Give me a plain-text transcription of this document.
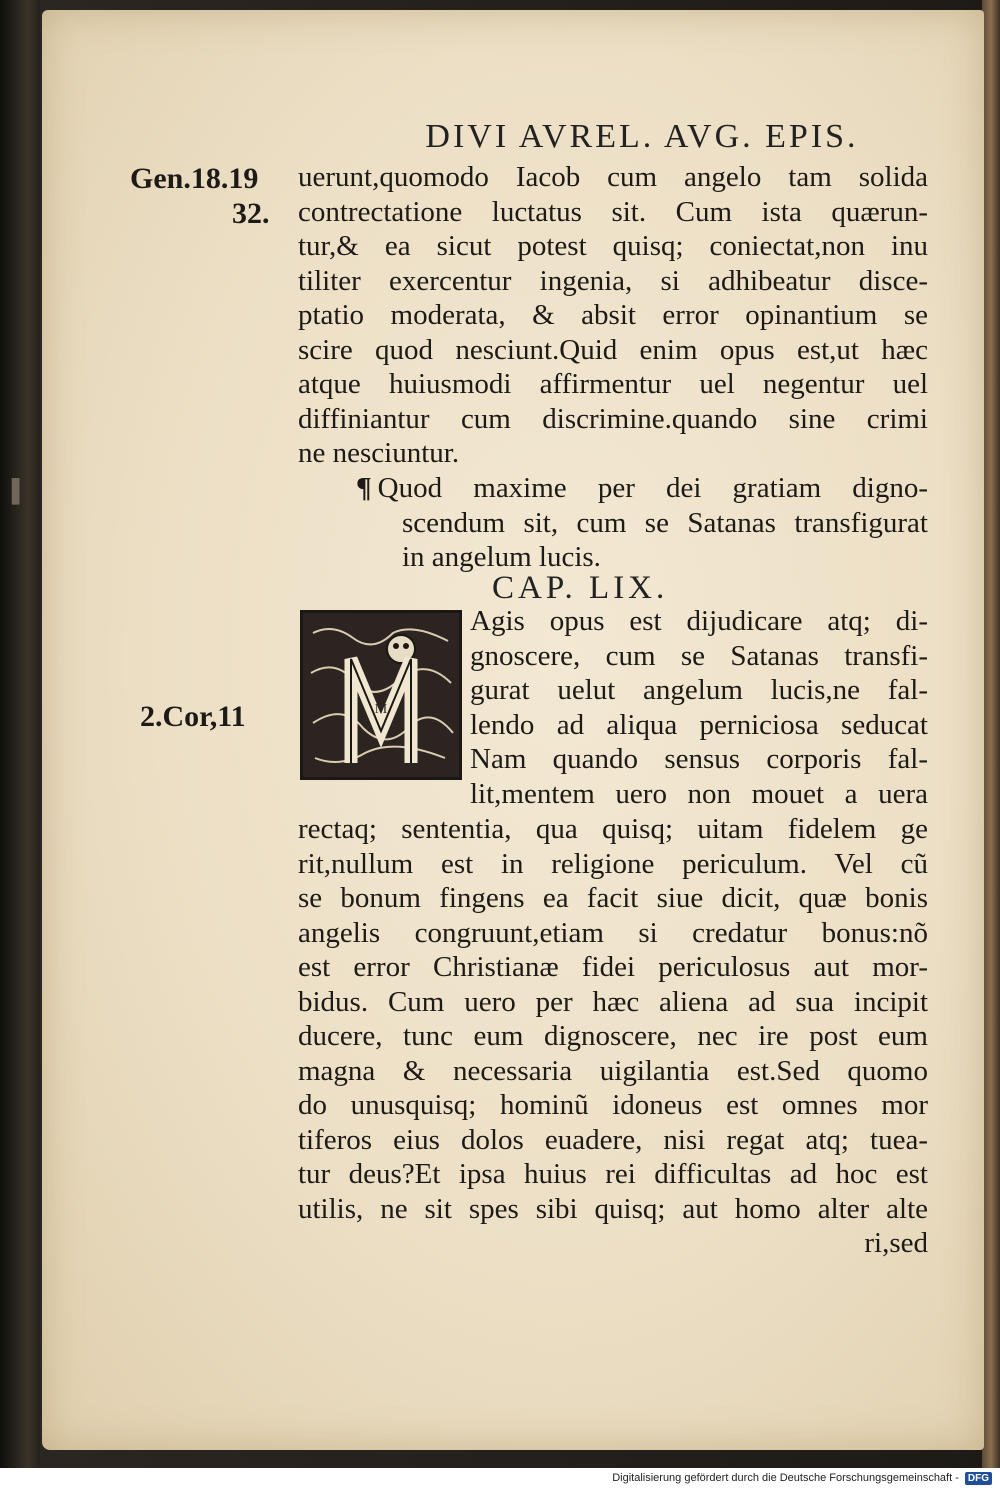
▐
DIVI AVREL. AVG. EPIS.
Gen.18.19
32.
2.Cor,11
uerunt,quomodo Iacob cum angelo tam solida
contrectatione luctatus sit. Cum ista quærun-
tur,& ea sicut potest quisq; coniectat,non inu
tiliter exercentur ingenia, si adhibeatur disce-
ptatio moderata, & absit error opinantium se
scire quod nesciunt.Quid enim opus est,ut hæc
atque huiusmodi affirmentur uel negentur uel
diffiniantur cum discrimine.quando sine crimi
ne nesciuntur.
¶ Quod maxime per dei gratiam digno-
scendum sit, cum se Satanas transfigurat
in angelum lucis.
CAP. LIX.
M
Agis opus est dijudicare atq; di-
gnoscere, cum se Satanas transfi-
gurat uelut angelum lucis,ne fal-
lendo ad aliqua perniciosa seducat
Nam quando sensus corporis fal-
lit,mentem uero non mouet a uera
rectaq; sententia, qua quisq; uitam fidelem ge
rit,nullum est in religione periculum. Vel cũ
se bonum fingens ea facit siue dicit, quæ bonis
angelis congruunt,etiam si credatur bonus:nõ
est error Christianæ fidei periculosus aut mor-
bidus. Cum uero per hæc aliena ad sua incipit
ducere, tunc eum dignoscere, nec ire post eum
magna & necessaria uigilantia est.Sed quomo
do unusquisq; hominũ idoneus est omnes mor
tiferos eius dolos euadere, nisi regat atq; tuea-
tur deus?Et ipsa huius rei difficultas ad hoc est
utilis, ne sit spes sibi quisq; aut homo alter alte
ri,sed
Digitalisierung gefördert durch die Deutsche Forschungsgemeinschaft - DFG
